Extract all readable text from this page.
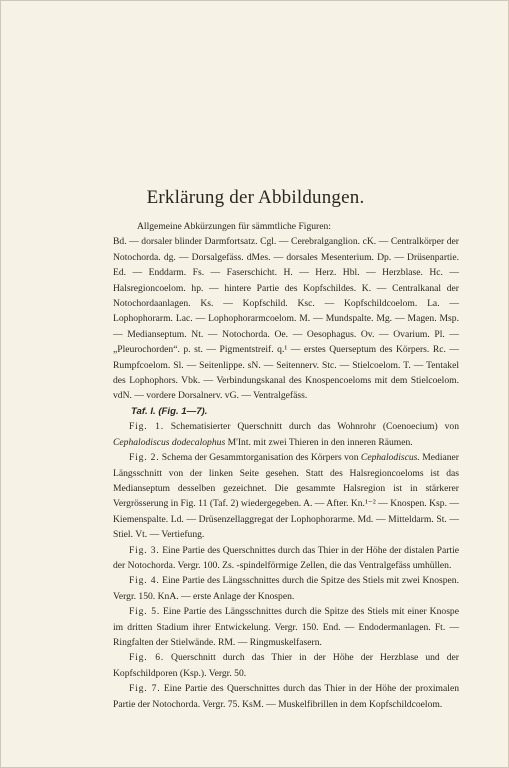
Erklärung der Abbildungen.

Allgemeine Abkürzungen für sämmtliche Figuren:

Bd. — dorsaler blinder Darmfortsatz. Cgl. — Cerebralganglion. cK. — Centralkörper der Notochorda. dg. — Dorsalgefäss. dMes. — dorsales Mesenterium. Dp. — Drüsenpartie. Ed. — Enddarm. Fs. — Faserschicht. H. — Herz. Hbl. — Herzblase. Hc. — Halsregioncoelom. hp. — hintere Partie des Kopfschildes. K. — Centralkanal der Notochordaanlagen. Ks. — Kopfschild. Ksc. — Kopfschildcoelom. La. — Lophophorarm. Lac. — Lophophorarmcoelom. M. — Mundspalte. Mg. — Magen. Msp. — Medianseptum. Nt. — Notochorda. Oe. — Oesophagus. Ov. — Ovarium. Pl. — „Pleurochorden“. p. st. — Pigmentstreif. q.¹ — erstes Querseptum des Körpers. Rc. — Rumpfcoelom. Sl. — Seitenlippe. sN. — Seitennerv. Stc. — Stielcoelom. T. — Tentakel des Lophophors. Vbk. — Verbindungskanal des Knospencoeloms mit dem Stielcoelom. vdN. — vordere Dorsalnerv. vG. — Ventralgefäss.

Taf. I. (Fig. 1—7).

Fig. 1. Schematisierter Querschnitt durch das Wohnrohr (Coenoecium) von Cephalodiscus dodecalophus M'Int. mit zwei Thieren in den inneren Räumen.

Fig. 2. Schema der Gesammtorganisation des Körpers von Cephalodiscus. Medianer Längsschnitt von der linken Seite gesehen. Statt des Halsregioncoeloms ist das Medianseptum desselben gezeichnet. Die gesammte Halsregion ist in stärkerer Vergrösserung in Fig. 11 (Taf. 2) wiedergegeben. A. — After. Kn.¹⁻² — Knospen. Ksp. — Kiemenspalte. Ld. — Drüsenzellaggregat der Lophophorarme. Md. — Mitteldarm. St. — Stiel. Vt. — Vertiefung.

Fig. 3. Eine Partie des Querschnittes durch das Thier in der Höhe der distalen Partie der Notochorda. Vergr. 100. Zs. -spindelförmige Zellen, die das Ventralgefäss umhüllen.

Fig. 4. Eine Partie des Längsschnittes durch die Spitze des Stiels mit zwei Knospen. Vergr. 150. KnA. — erste Anlage der Knospen.

Fig. 5. Eine Partie des Längsschnittes durch die Spitze des Stiels mit einer Knospe im dritten Stadium ihrer Entwickelung. Vergr. 150. End. — Endodermanlagen. Ft. — Ringfalten der Stielwände. RM. — Ringmuskelfasern.

Fig. 6. Querschnitt durch das Thier in der Höhe der Herzblase und der Kopfschildporen (Ksp.). Vergr. 50.

Fig. 7. Eine Partie des Querschnittes durch das Thier in der Höhe der proximalen Partie der Notochorda. Vergr. 75. KsM. — Muskelfibrillen in dem Kopfschildcoelom.
